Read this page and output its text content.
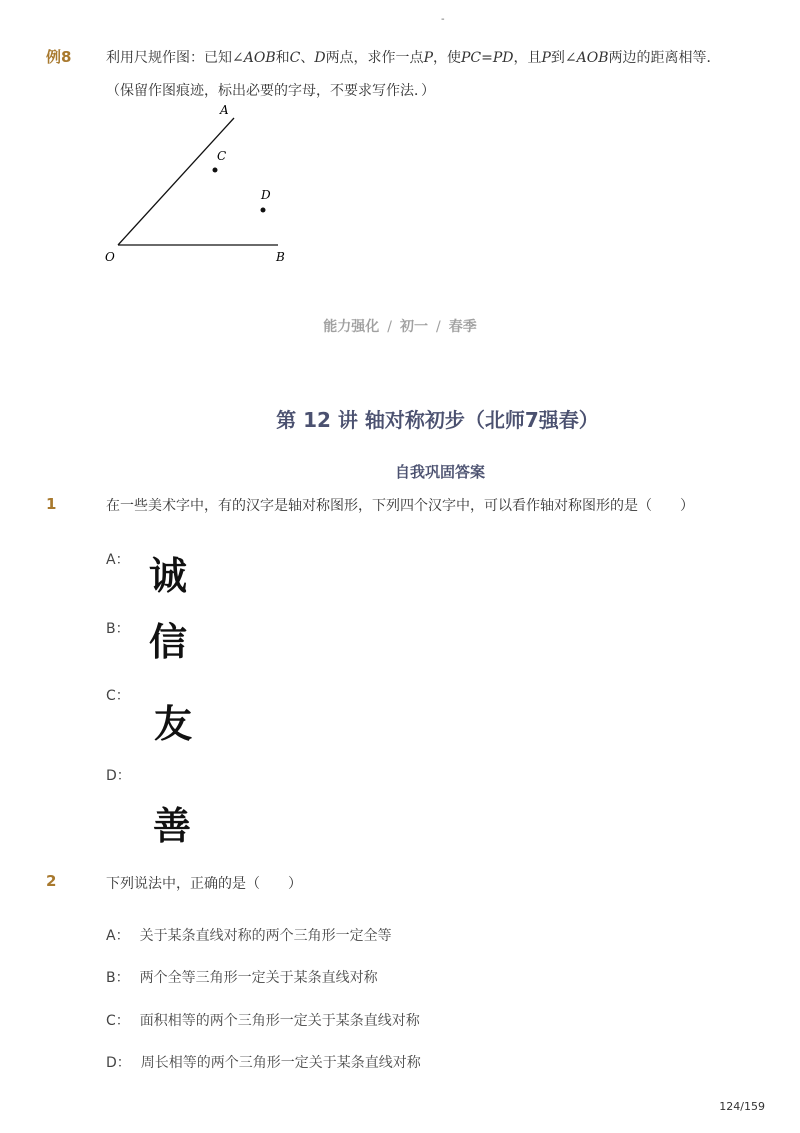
-
例8 利用尺规作图：已知∠AOB和C、D两点，求作一点P，使PC=PD，且P到∠AOB两边的距离相等．
（保留作图痕迹，标出必要的字母，不要求写作法．）
A
C
D
O	B
能力强化 / 初一 / 春季
第 12 讲 轴对称初步（北师7强春）
自我巩固答案
1	在一些美术字中，有的汉字是轴对称图形，下列四个汉字中，可以看作轴对称图形的是（　　）
A： 诚
B： 信
C：
友
D：
善
2	下列说法中，正确的是（　　）
A： 关于某条直线对称的两个三角形一定全等
B： 两个全等三角形一定关于某条直线对称
C： 面积相等的两个三角形一定关于某条直线对称
D： 周长相等的两个三角形一定关于某条直线对称
124/159
